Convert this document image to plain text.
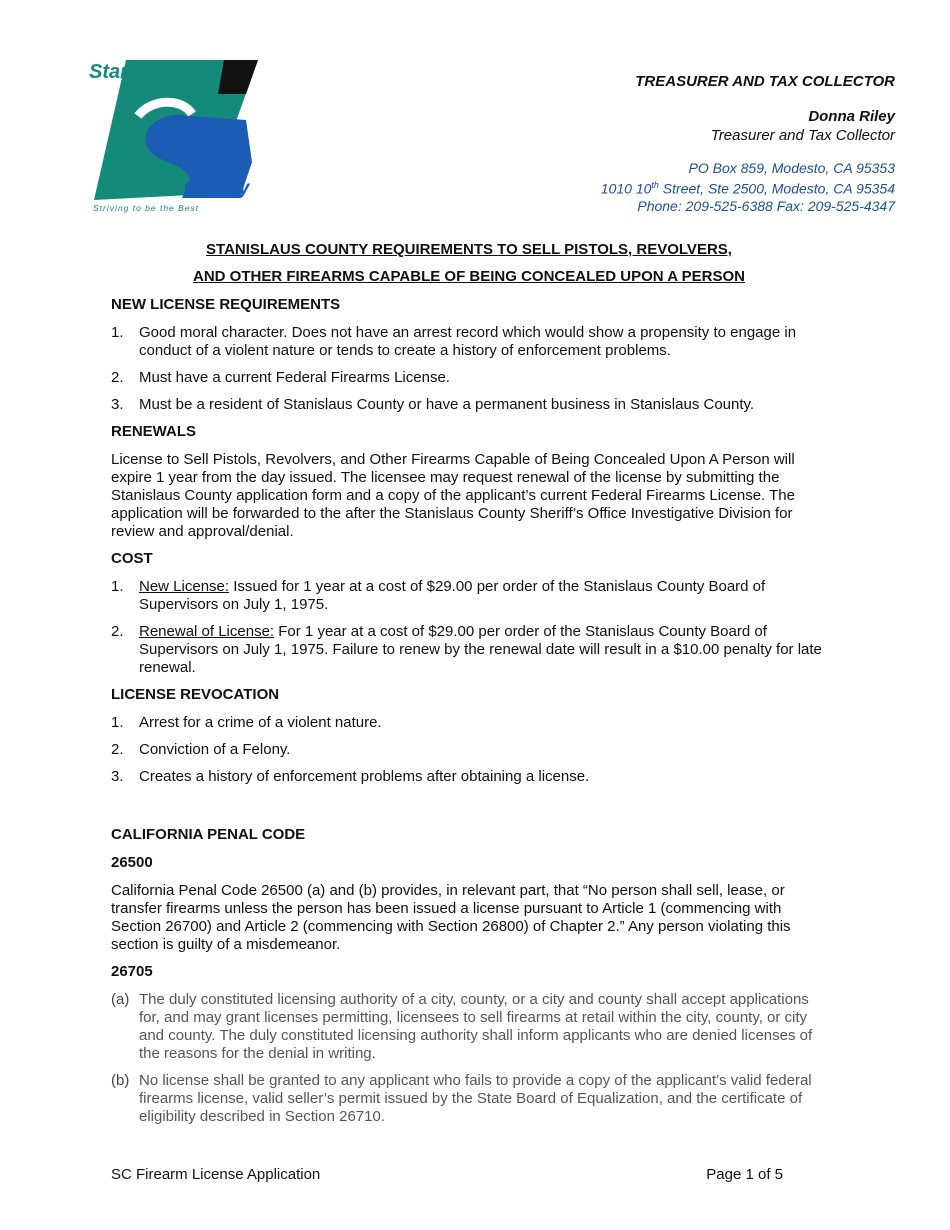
Stanislaus
County
Striving to be the Best
TREASURER AND TAX COLLECTOR
Donna Riley
Treasurer and Tax Collector
PO Box 859, Modesto, CA 95353
1010 10th Street, Ste 2500, Modesto, CA 95354
Phone: 209-525-6388 Fax: 209-525-4347
STANISLAUS COUNTY REQUIREMENTS TO SELL PISTOLS, REVOLVERS,
AND OTHER FIREARMS CAPABLE OF BEING CONCEALED UPON A PERSON
NEW LICENSE REQUIREMENTS
1. Good moral character. Does not have an arrest record which would show a propensity to engage in conduct of a violent nature or tends to create a history of enforcement problems.
2. Must have a current Federal Firearms License.
3. Must be a resident of Stanislaus County or have a permanent business in Stanislaus County.
RENEWALS

License to Sell Pistols, Revolvers, and Other Firearms Capable of Being Concealed Upon A Person will expire 1 year from the day issued. The licensee may request renewal of the license by submitting the Stanislaus County application form and a copy of the applicant’s current Federal Firearms License. The application will be forwarded to the after the Stanislaus County Sheriff’s Office Investigative Division for review and approval/denial.

COST
1. New License: Issued for 1 year at a cost of $29.00 per order of the Stanislaus County Board of Supervisors on July 1, 1975.
2. Renewal of License: For 1 year at a cost of $29.00 per order of the Stanislaus County Board of Supervisors on July 1, 1975. Failure to renew by the renewal date will result in a $10.00 penalty for late renewal.
LICENSE REVOCATION
1. Arrest for a crime of a violent nature.
2. Conviction of a Felony.
3. Creates a history of enforcement problems after obtaining a license.
CALIFORNIA PENAL CODE
26500

California Penal Code 26500 (a) and (b) provides, in relevant part, that “No person shall sell, lease, or transfer firearms unless the person has been issued a license pursuant to Article 1 (commencing with Section 26700) and Article 2 (commencing with Section 26800) of Chapter 2.” Any person violating this section is guilty of a misdemeanor.

26705
(a) The duly constituted licensing authority of a city, county, or a city and county shall accept applications for, and may grant licenses permitting, licensees to sell firearms at retail within the city, county, or city and county. The duly constituted licensing authority shall inform applicants who are denied licenses of the reasons for the denial in writing.
(b) No license shall be granted to any applicant who fails to provide a copy of the applicant’s valid federal firearms license, valid seller’s permit issued by the State Board of Equalization, and the certificate of eligibility described in Section 26710.
SC Firearm License Application	Page 1 of 5
